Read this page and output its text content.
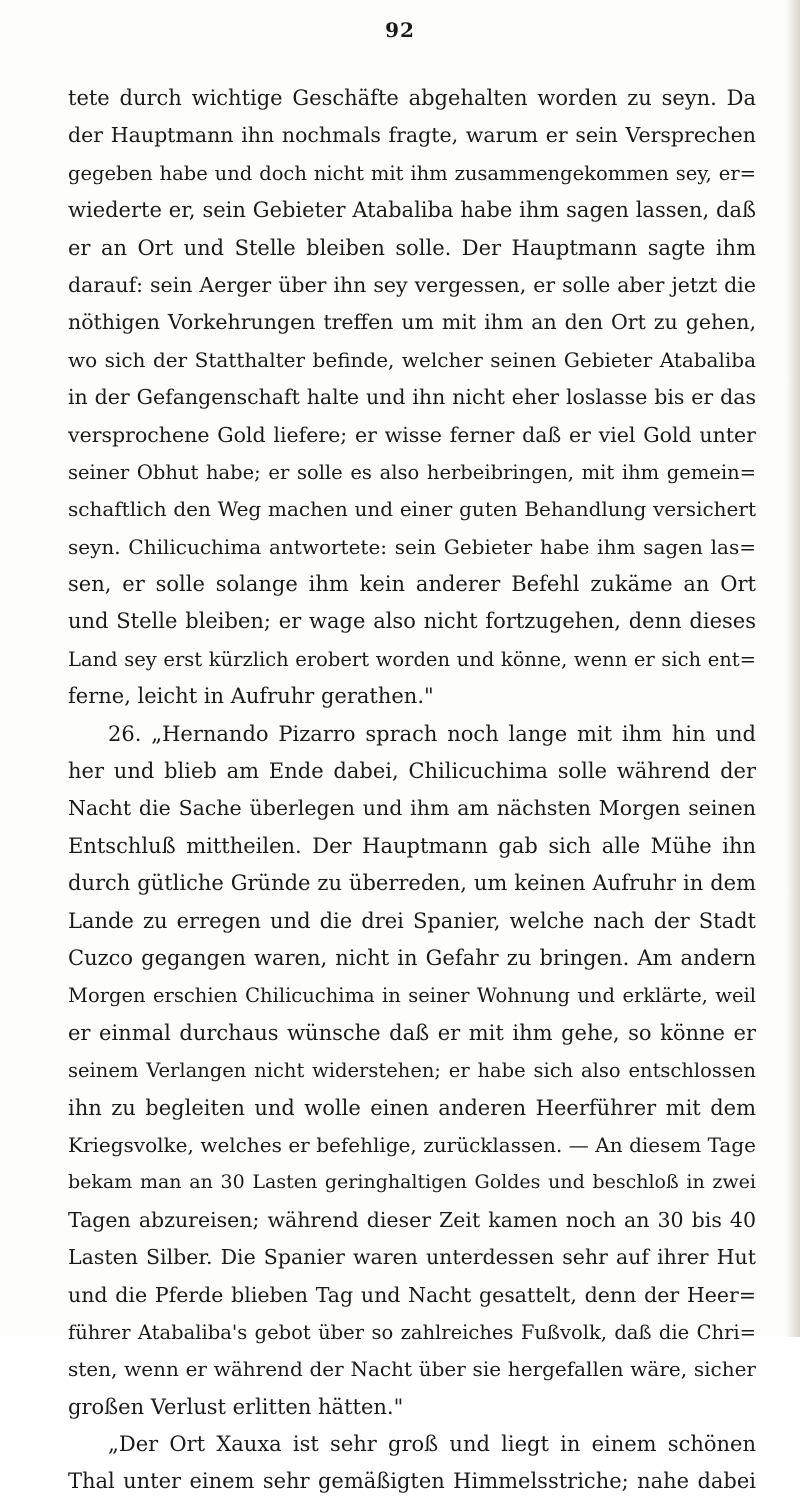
92
tete durch wichtige Geschäfte abgehalten worden zu seyn. Da
der Hauptmann ihn nochmals fragte, warum er sein Versprechen
gegeben habe und doch nicht mit ihm zusammengekommen sey, er=
wiederte er, sein Gebieter Atabaliba habe ihm sagen lassen, daß
er an Ort und Stelle bleiben solle. Der Hauptmann sagte ihm
darauf: sein Aerger über ihn sey vergessen, er solle aber jetzt die
nöthigen Vorkehrungen treffen um mit ihm an den Ort zu gehen,
wo sich der Statthalter befinde, welcher seinen Gebieter Atabaliba
in der Gefangenschaft halte und ihn nicht eher loslasse bis er das
versprochene Gold liefere; er wisse ferner daß er viel Gold unter
seiner Obhut habe; er solle es also herbeibringen, mit ihm gemein=
schaftlich den Weg machen und einer guten Behandlung versichert
seyn. Chilicuchima antwortete: sein Gebieter habe ihm sagen las=
sen, er solle solange ihm kein anderer Befehl zukäme an Ort
und Stelle bleiben; er wage also nicht fortzugehen, denn dieses
Land sey erst kürzlich erobert worden und könne, wenn er sich ent=
ferne, leicht in Aufruhr gerathen."
26. „Hernando Pizarro sprach noch lange mit ihm hin und
her und blieb am Ende dabei, Chilicuchima solle während der
Nacht die Sache überlegen und ihm am nächsten Morgen seinen
Entschluß mittheilen. Der Hauptmann gab sich alle Mühe ihn
durch gütliche Gründe zu überreden, um keinen Aufruhr in dem
Lande zu erregen und die drei Spanier, welche nach der Stadt
Cuzco gegangen waren, nicht in Gefahr zu bringen. Am andern
Morgen erschien Chilicuchima in seiner Wohnung und erklärte, weil
er einmal durchaus wünsche daß er mit ihm gehe, so könne er
seinem Verlangen nicht widerstehen; er habe sich also entschlossen
ihn zu begleiten und wolle einen anderen Heerführer mit dem
Kriegsvolke, welches er befehlige, zurücklassen. — An diesem Tage
bekam man an 30 Lasten geringhaltigen Goldes und beschloß in zwei
Tagen abzureisen; während dieser Zeit kamen noch an 30 bis 40
Lasten Silber. Die Spanier waren unterdessen sehr auf ihrer Hut
und die Pferde blieben Tag und Nacht gesattelt, denn der Heer=
führer Atabaliba's gebot über so zahlreiches Fußvolk, daß die Chri=
sten, wenn er während der Nacht über sie hergefallen wäre, sicher
großen Verlust erlitten hätten."
„Der Ort Xauxa ist sehr groß und liegt in einem schönen
Thal unter einem sehr gemäßigten Himmelsstriche; nahe dabei
